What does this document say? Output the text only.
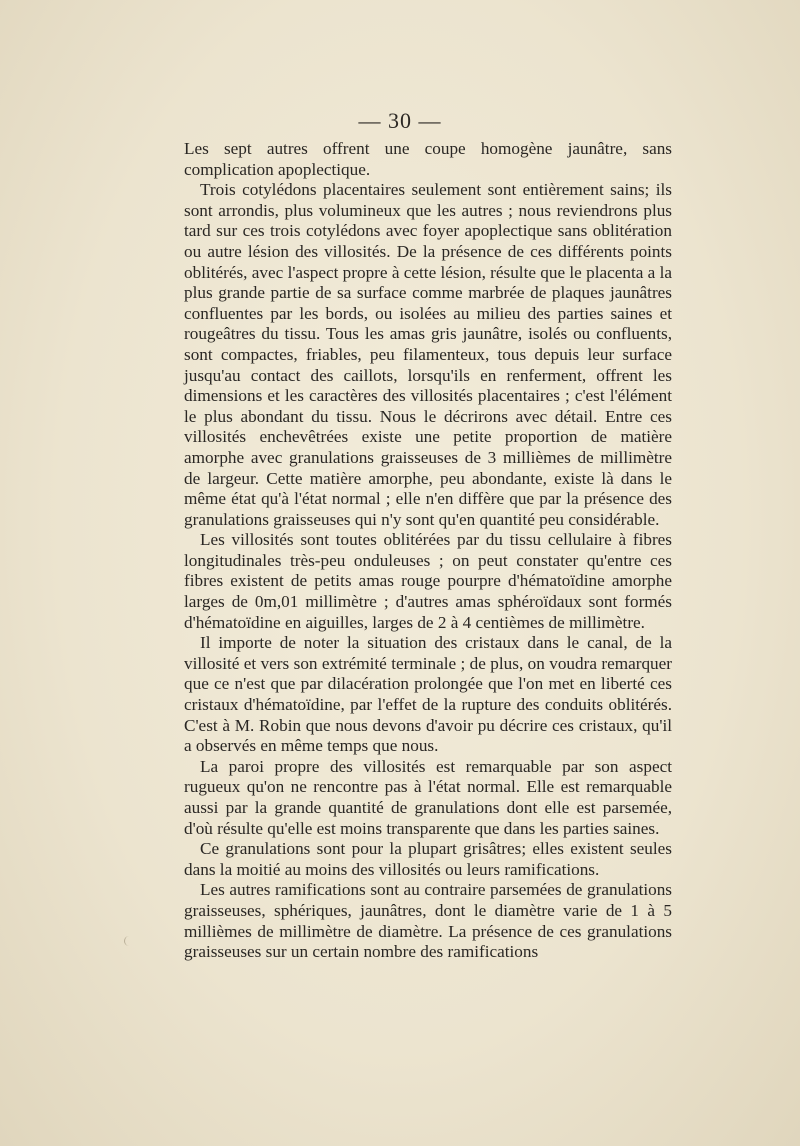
— 30 —

Les sept autres offrent une coupe homogène jaunâtre, sans complication apoplectique.

Trois cotylédons placentaires seulement sont entièrement sains; ils sont arrondis, plus volumineux que les autres ; nous reviendrons plus tard sur ces trois cotylédons avec foyer apoplectique sans oblitération ou autre lésion des villosités. De la présence de ces différents points oblitérés, avec l'aspect propre à cette lésion, résulte que le placenta a la plus grande partie de sa surface comme marbrée de plaques jaunâtres confluentes par les bords, ou isolées au milieu des parties saines et rougeâtres du tissu. Tous les amas gris jaunâtre, isolés ou confluents, sont compactes, friables, peu filamenteux, tous depuis leur surface jusqu'au contact des caillots, lorsqu'ils en renferment, offrent les dimensions et les caractères des villosités placentaires ; c'est l'élément le plus abondant du tissu. Nous le décrirons avec détail. Entre ces villosités enchevêtrées existe une petite proportion de matière amorphe avec granulations graisseuses de 3 millièmes de millimètre de largeur. Cette matière amorphe, peu abondante, existe là dans le même état qu'à l'état normal ; elle n'en diffère que par la présence des granulations graisseuses qui n'y sont qu'en quantité peu considérable.

Les villosités sont toutes oblitérées par du tissu cellulaire à fibres longitudinales très-peu onduleuses ; on peut constater qu'entre ces fibres existent de petits amas rouge pourpre d'hématoïdine amorphe larges de 0m,01 millimètre ; d'autres amas sphéroïdaux sont formés d'hématoïdine en aiguilles, larges de 2 à 4 centièmes de millimètre.

Il importe de noter la situation des cristaux dans le canal, de la villosité et vers son extrémité terminale ; de plus, on voudra remarquer que ce n'est que par dilacération prolongée que l'on met en liberté ces cristaux d'hématoïdine, par l'effet de la rupture des conduits oblitérés. C'est à M. Robin que nous devons d'avoir pu décrire ces cristaux, qu'il a observés en même temps que nous.

La paroi propre des villosités est remarquable par son aspect rugueux qu'on ne rencontre pas à l'état normal. Elle est remarquable aussi par la grande quantité de granulations dont elle est parsemée, d'où résulte qu'elle est moins transparente que dans les parties saines.

Ce granulations sont pour la plupart grisâtres; elles existent seules dans la moitié au moins des villosités ou leurs ramifications.

Les autres ramifications sont au contraire parsemées de granulations graisseuses, sphériques, jaunâtres, dont le diamètre varie de 1 à 5 millièmes de millimètre de diamètre. La présence de ces granulations graisseuses sur un certain nombre des ramifications
